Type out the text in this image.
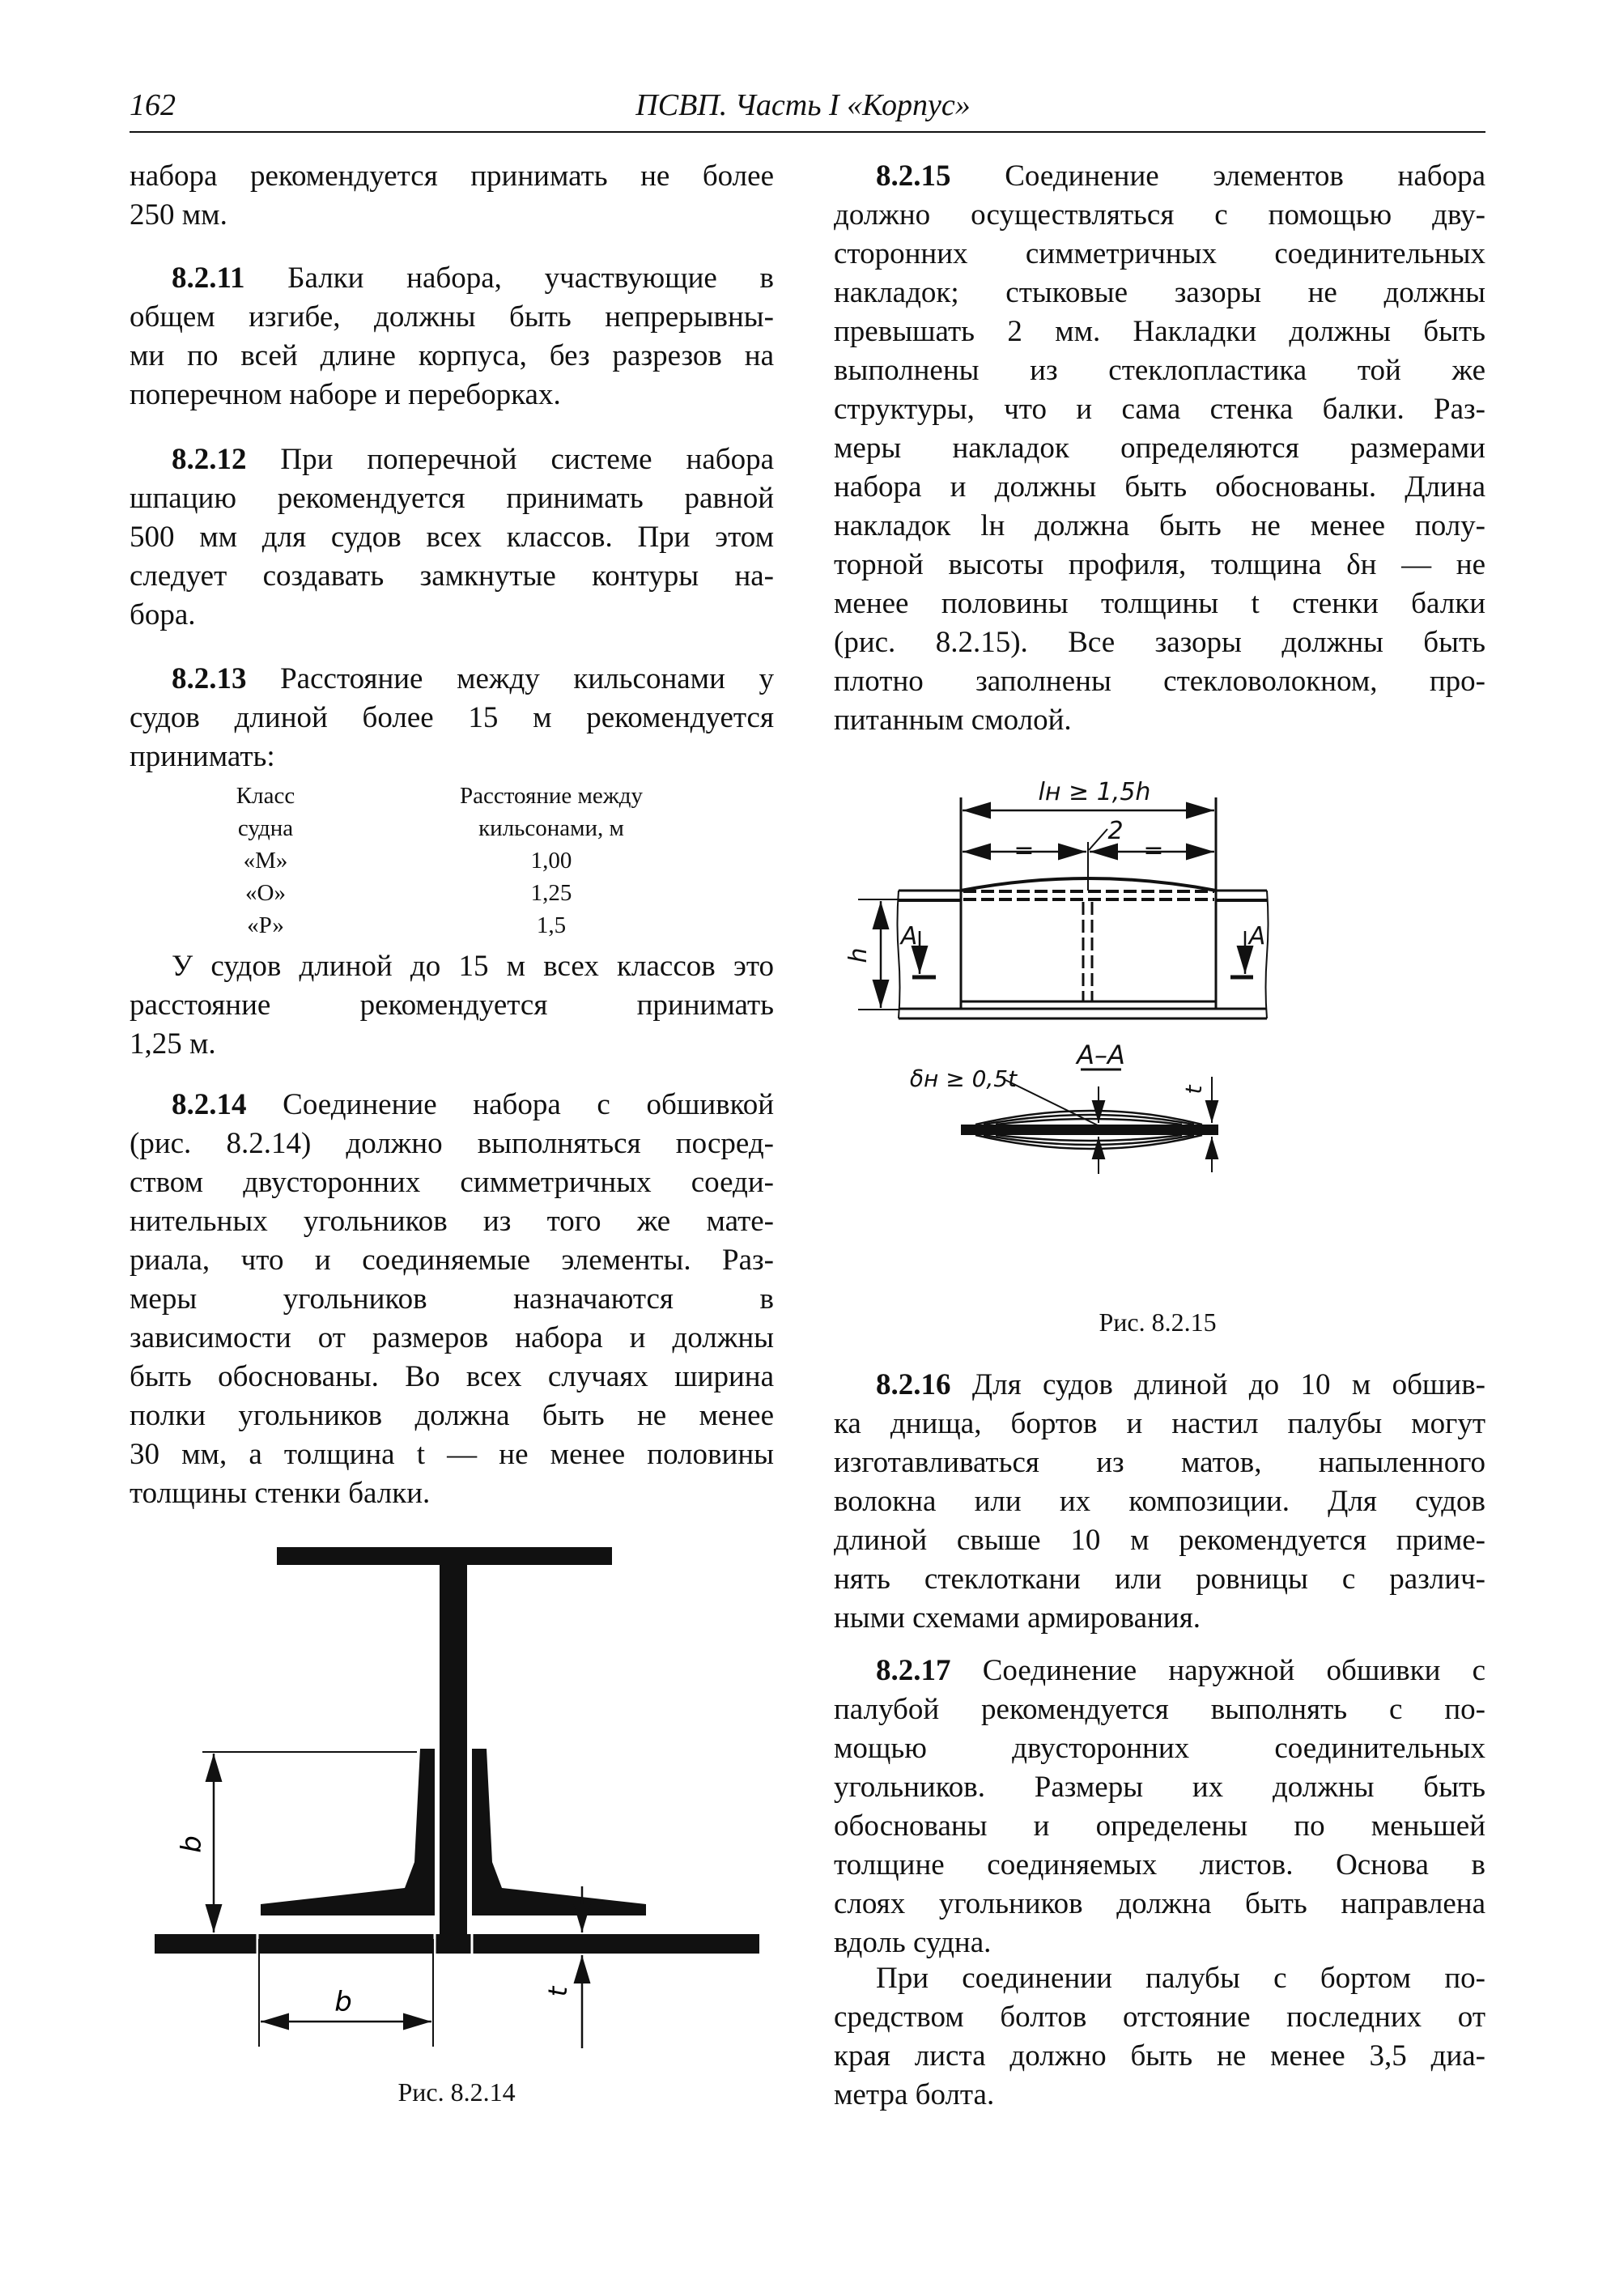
162	ПСВП. Часть I «Корпус»
набора рекомендуется принимать не более
250 мм.
8.2.11 Балки набора, участвующие в
общем изгибе, должны быть непрерывны-
ми по всей длине корпуса, без разрезов на
поперечном наборе и переборках.
8.2.12 При поперечной системе набора
шпацию рекомендуется принимать равной
500 мм для судов всех классов. При этом
следует создавать замкнутые контуры на-
бора.
8.2.13 Расстояние между кильсонами у
судов длиной более 15 м рекомендуется
принимать:
У судов длиной до 15 м всех классов это
расстояние рекомендуется принимать
1,25 м.
8.2.14 Соединение набора с обшивкой
(рис. 8.2.14) должно выполняться посред-
ством двусторонних симметричных соеди-
нительных угольников из того же мате-
риала, что и соединяемые элементы. Раз-
меры угольников назначаются в
зависимости от размеров набора и должны
быть обоснованы. Во всех случаях ширина
полки угольников должна быть не менее
30 мм, а толщина t — не менее половины
толщины стенки балки.
8.2.15 Соединение элементов набора
должно осуществляться с помощью дву-
сторонних симметричных соединительных
накладок; стыковые зазоры не должны
превышать 2 мм. Накладки должны быть
выполнены из стеклопластика той же
структуры, что и сама стенка балки. Раз-
меры накладок определяются размерами
набора и должны быть обоснованы. Длина
накладок lн должна быть не менее полу-
торной высоты профиля, толщина δн — не
менее половины толщины t стенки балки
(рис. 8.2.15). Все зазоры должны быть
плотно заполнены стекловолокном, про-
питанным смолой.
8.2.16 Для судов длиной до 10 м обшив-
ка днища, бортов и настил палубы могут
изготавливаться из матов, напыленного
волокна или их композиции. Для судов
длиной свыше 10 м рекомендуется приме-
нять стеклоткани или ровницы с различ-
ными схемами армирования.
8.2.17 Соединение наружной обшивки с
палубой рекомендуется выполнять с по-
мощью двусторонних соединительных
угольников. Размеры их должны быть
обоснованы и определены по меньшей
толщине соединяемых листов. Основа в
слоях угольников должна быть направлена
вдоль судна.
При соединении палубы с бортом по-
средством болтов отстояние последних от
края листа должно быть не менее 3,5 диа-
метра болта.
Класс	Расстояние между
судна	кильсонами, м
«М»	1,00
«О»	1,25
«Р»	1,5
b
b	t
Рис. 8.2.14
lн ≥ 1,5h
2
=	=
h
A	A
A–A
δн ≥ 0,5t	t
Рис. 8.2.15
